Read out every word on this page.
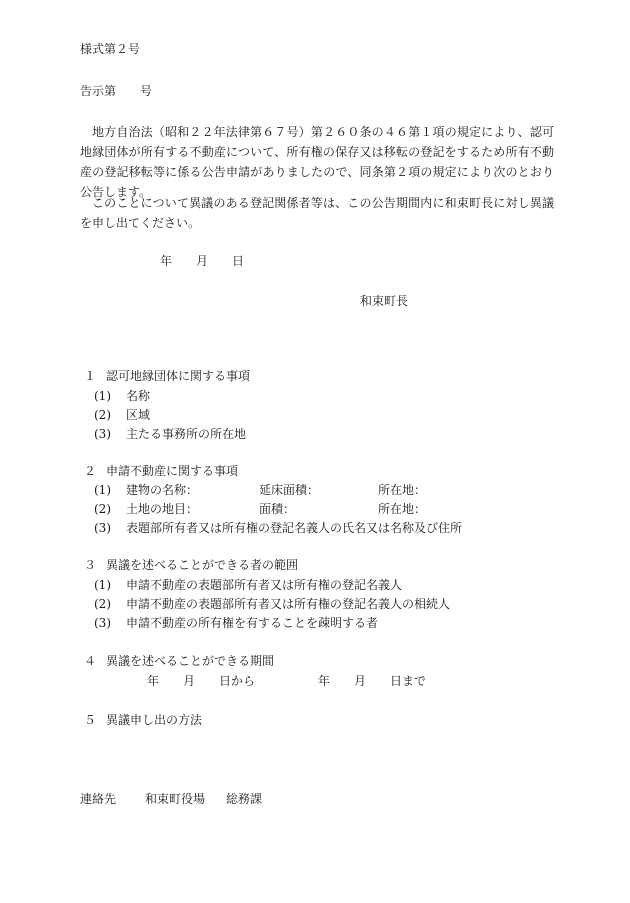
様式第２号
告示第　　号
地方自治法（昭和２２年法律第６７号）第２６０条の４６第１項の規定により、認可地縁団体が所有する不動産について、所有権の保存又は移転の登記をするため所有不動産の登記移転等に係る公告申請がありましたので、同条第２項の規定により次のとおり公告します。
このことについて異議のある登記関係者等は、この公告期間内に和束町長に対し異議を申し出てください。
年　　月　　日
和束町長
１ 認可地縁団体に関する事項
(1) 名称
(2) 区域
(3) 主たる事務所の所在地
２ 申請不動産に関する事項
(1) 建物の名称：	延床面積：	所在地：
(2) 土地の地目：	面積：	所在地：
(3) 表題部所有者又は所有権の登記名義人の氏名又は名称及び住所
３ 異議を述べることができる者の範囲
(1) 申請不動産の表題部所有者又は所有権の登記名義人
(2) 申請不動産の表題部所有者又は所有権の登記名義人の相続人
(3) 申請不動産の所有権を有することを疎明する者
４ 異議を述べることができる期間
年　　月　　日から	年　　月　　日まで
５ 異議申し出の方法
連絡先 和束町役場 総務課
